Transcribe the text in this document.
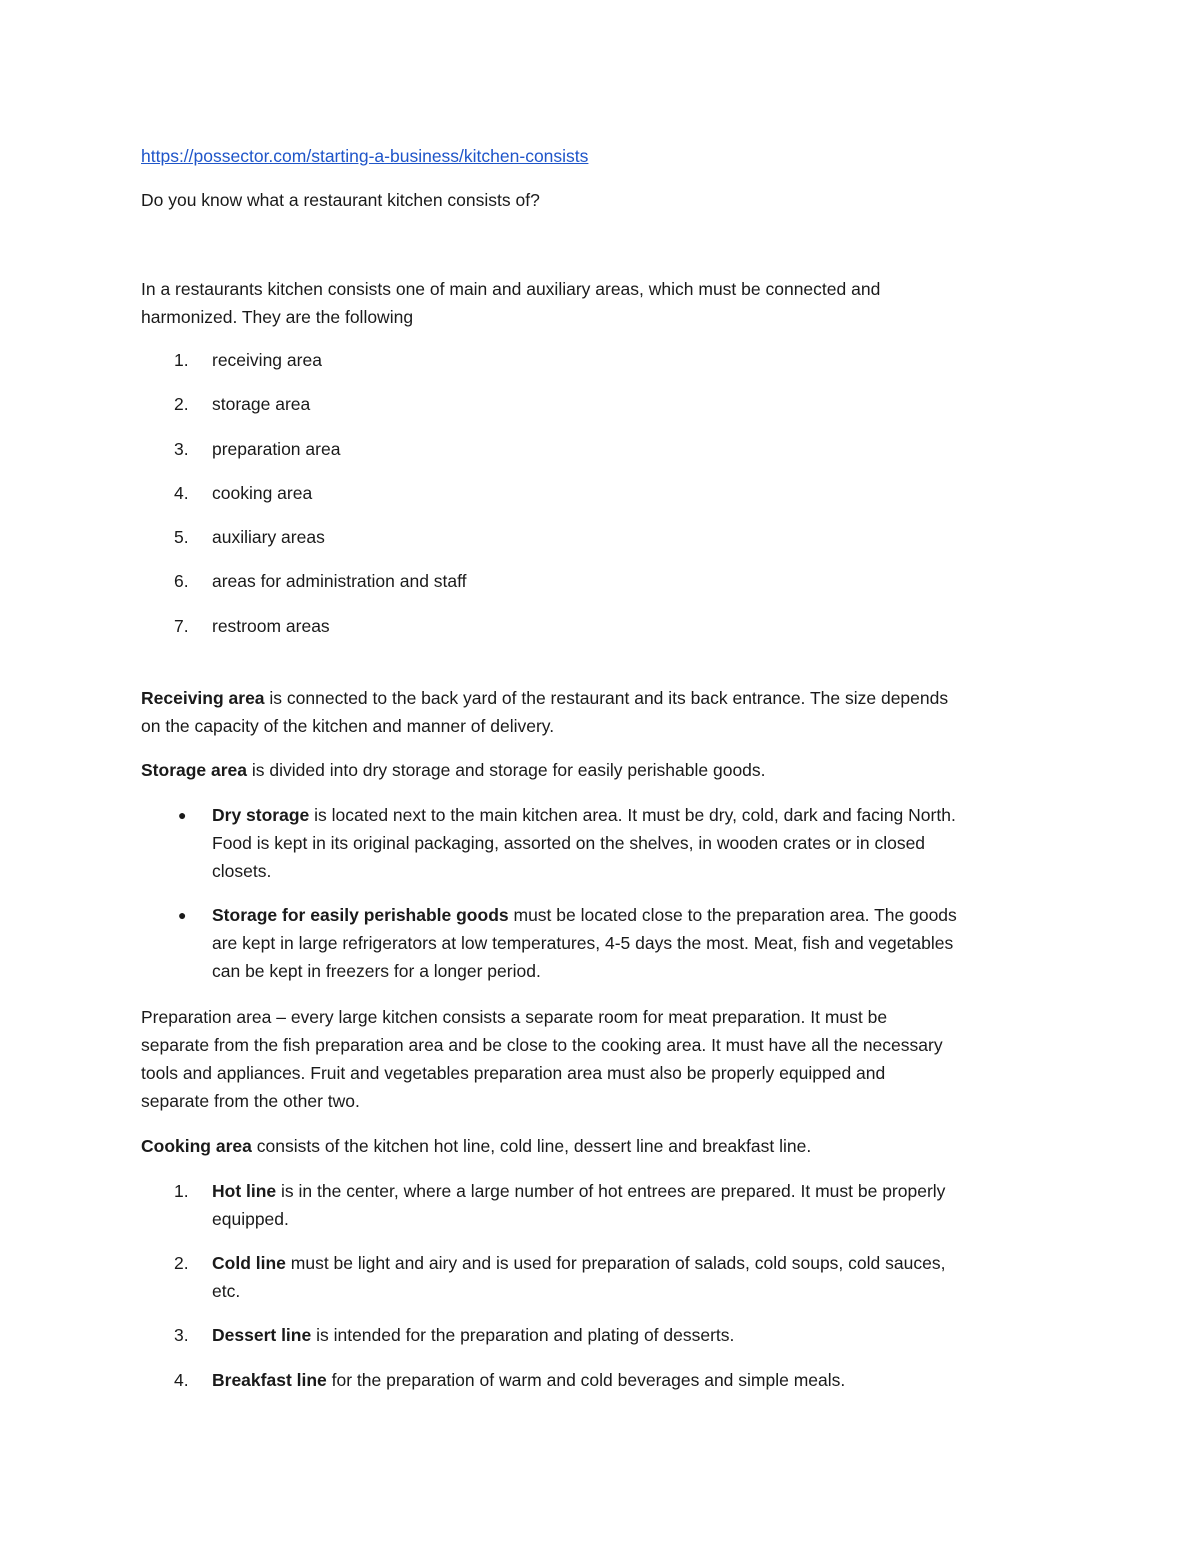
https://possector.com/starting-a-business/kitchen-consists
Do you know what a restaurant kitchen consists of?
In a restaurants kitchen consists one of main and auxiliary areas, which must be connected and
harmonized. They are the following
1.	receiving area
2.	storage area
3.	preparation area
4.	cooking area
5.	auxiliary areas
6.	areas for administration and staff
7.	restroom areas
Receiving area is connected to the back yard of the restaurant and its back entrance. The size depends
on the capacity of the kitchen and manner of delivery.
Storage area is divided into dry storage and storage for easily perishable goods.
● Dry storage is located next to the main kitchen area. It must be dry, cold, dark and facing North.
Food is kept in its original packaging, assorted on the shelves, in wooden crates or in closed
closets.
● Storage for easily perishable goods must be located close to the preparation area. The goods
are kept in large refrigerators at low temperatures, 4-5 days the most. Meat, fish and vegetables
can be kept in freezers for a longer period.
Preparation area – every large kitchen consists a separate room for meat preparation. It must be
separate from the fish preparation area and be close to the cooking area. It must have all the necessary
tools and appliances. Fruit and vegetables preparation area must also be properly equipped and
separate from the other two.
Cooking area consists of the kitchen hot line, cold line, dessert line and breakfast line.
1.	Hot line is in the center, where a large number of hot entrees are prepared. It must be properly
equipped.
2.	Cold line must be light and airy and is used for preparation of salads, cold soups, cold sauces,
etc.
3.	Dessert line is intended for the preparation and plating of desserts.
4.	Breakfast line for the preparation of warm and cold beverages and simple meals.
